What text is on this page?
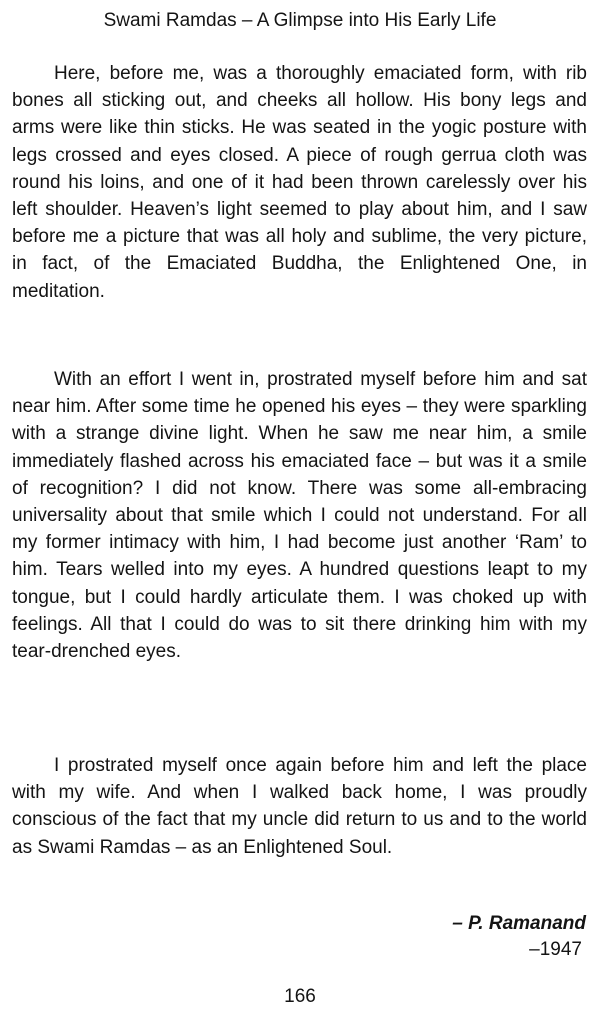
Swami Ramdas – A Glimpse into His Early Life

Here, before me, was a thoroughly emaciated form, with rib bones all sticking out, and cheeks all hollow. His bony legs and arms were like thin sticks. He was seated in the yogic posture with legs crossed and eyes closed. A piece of rough gerrua cloth was round his loins, and one of it had been thrown carelessly over his left shoulder. Heaven’s light seemed to play about him, and I saw before me a picture that was all holy and sublime, the very picture, in fact, of the Emaciated Buddha, the Enlightened One, in meditation.

With an effort I went in, prostrated myself before him and sat near him. After some time he opened his eyes – they were sparkling with a strange divine light. When he saw me near him, a smile immediately flashed across his emaciated face – but was it a smile of recognition? I did not know. There was some all-embracing universality about that smile which I could not understand. For all my former intimacy with him, I had become just another ‘Ram’ to him. Tears welled into my eyes. A hundred questions leapt to my tongue, but I could hardly articulate them. I was choked up with feelings. All that I could do was to sit there drinking him with my tear-drenched eyes.

I prostrated myself once again before him and left the place with my wife. And when I walked back home, I was proudly conscious of the fact that my uncle did return to us and to the world as Swami Ramdas – as an Enlightened Soul.

– P. Ramanand
–1947
166
